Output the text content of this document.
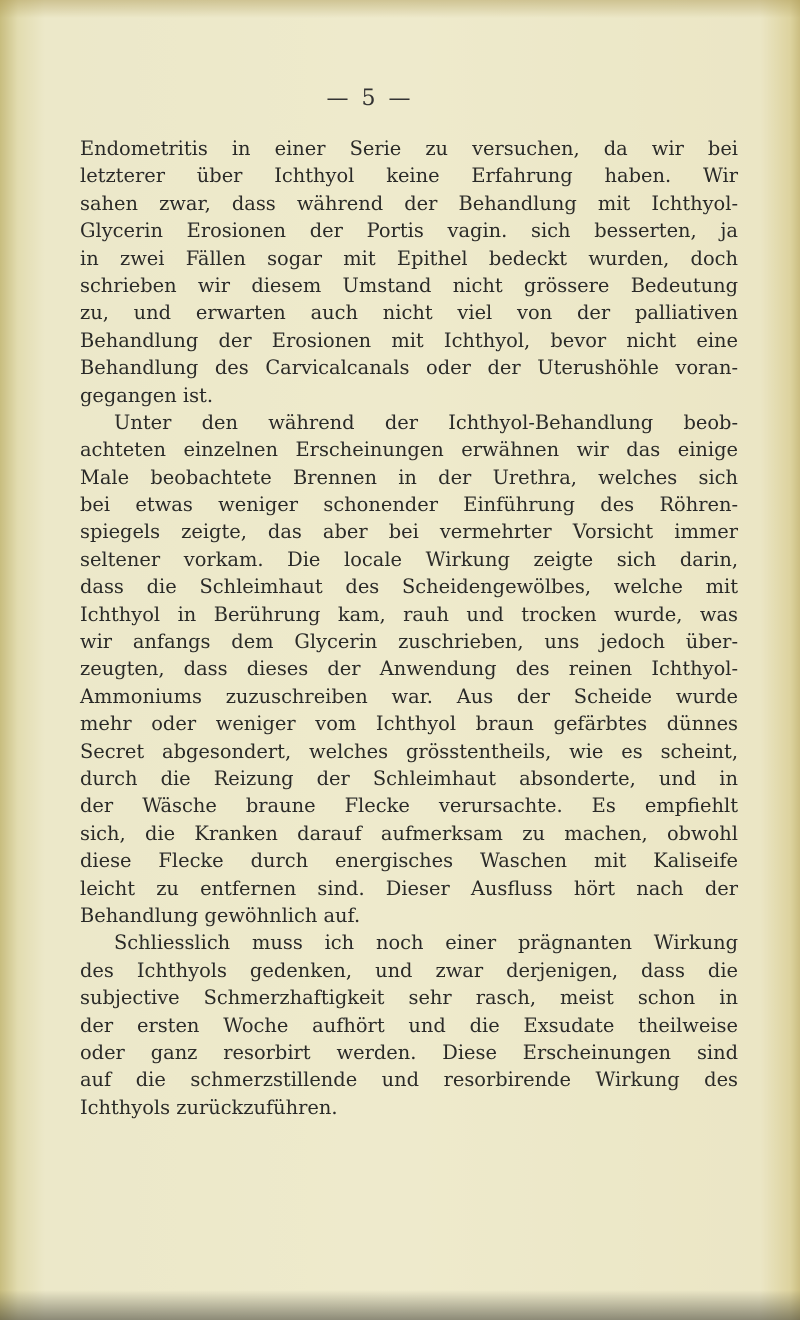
— 5 —
Endometritis in einer Serie zu versuchen, da wir bei
letzterer über Ichthyol keine Erfahrung haben. Wir
sahen zwar, dass während der Behandlung mit Ichthyol-
Glycerin Erosionen der Portis vagin. sich besserten, ja
in zwei Fällen sogar mit Epithel bedeckt wurden, doch
schrieben wir diesem Umstand nicht grössere Bedeutung
zu, und erwarten auch nicht viel von der palliativen
Behandlung der Erosionen mit Ichthyol, bevor nicht eine
Behandlung des Carvicalcanals oder der Uterushöhle voran-
gegangen ist.
Unter den während der Ichthyol-Behandlung beob-
achteten einzelnen Erscheinungen erwähnen wir das einige
Male beobachtete Brennen in der Urethra, welches sich
bei etwas weniger schonender Einführung des Röhren-
spiegels zeigte, das aber bei vermehrter Vorsicht immer
seltener vorkam. Die locale Wirkung zeigte sich darin,
dass die Schleimhaut des Scheidengewölbes, welche mit
Ichthyol in Berührung kam, rauh und trocken wurde, was
wir anfangs dem Glycerin zuschrieben, uns jedoch über-
zeugten, dass dieses der Anwendung des reinen Ichthyol-
Ammoniums zuzuschreiben war. Aus der Scheide wurde
mehr oder weniger vom Ichthyol braun gefärbtes dünnes
Secret abgesondert, welches grösstentheils, wie es scheint,
durch die Reizung der Schleimhaut absonderte, und in
der Wäsche braune Flecke verursachte. Es empfiehlt
sich, die Kranken darauf aufmerksam zu machen, obwohl
diese Flecke durch energisches Waschen mit Kaliseife
leicht zu entfernen sind. Dieser Ausfluss hört nach der
Behandlung gewöhnlich auf.
Schliesslich muss ich noch einer prägnanten Wirkung
des Ichthyols gedenken, und zwar derjenigen, dass die
subjective Schmerzhaftigkeit sehr rasch, meist schon in
der ersten Woche aufhört und die Exsudate theilweise
oder ganz resorbirt werden. Diese Erscheinungen sind
auf die schmerzstillende und resorbirende Wirkung des
Ichthyols zurückzuführen.
